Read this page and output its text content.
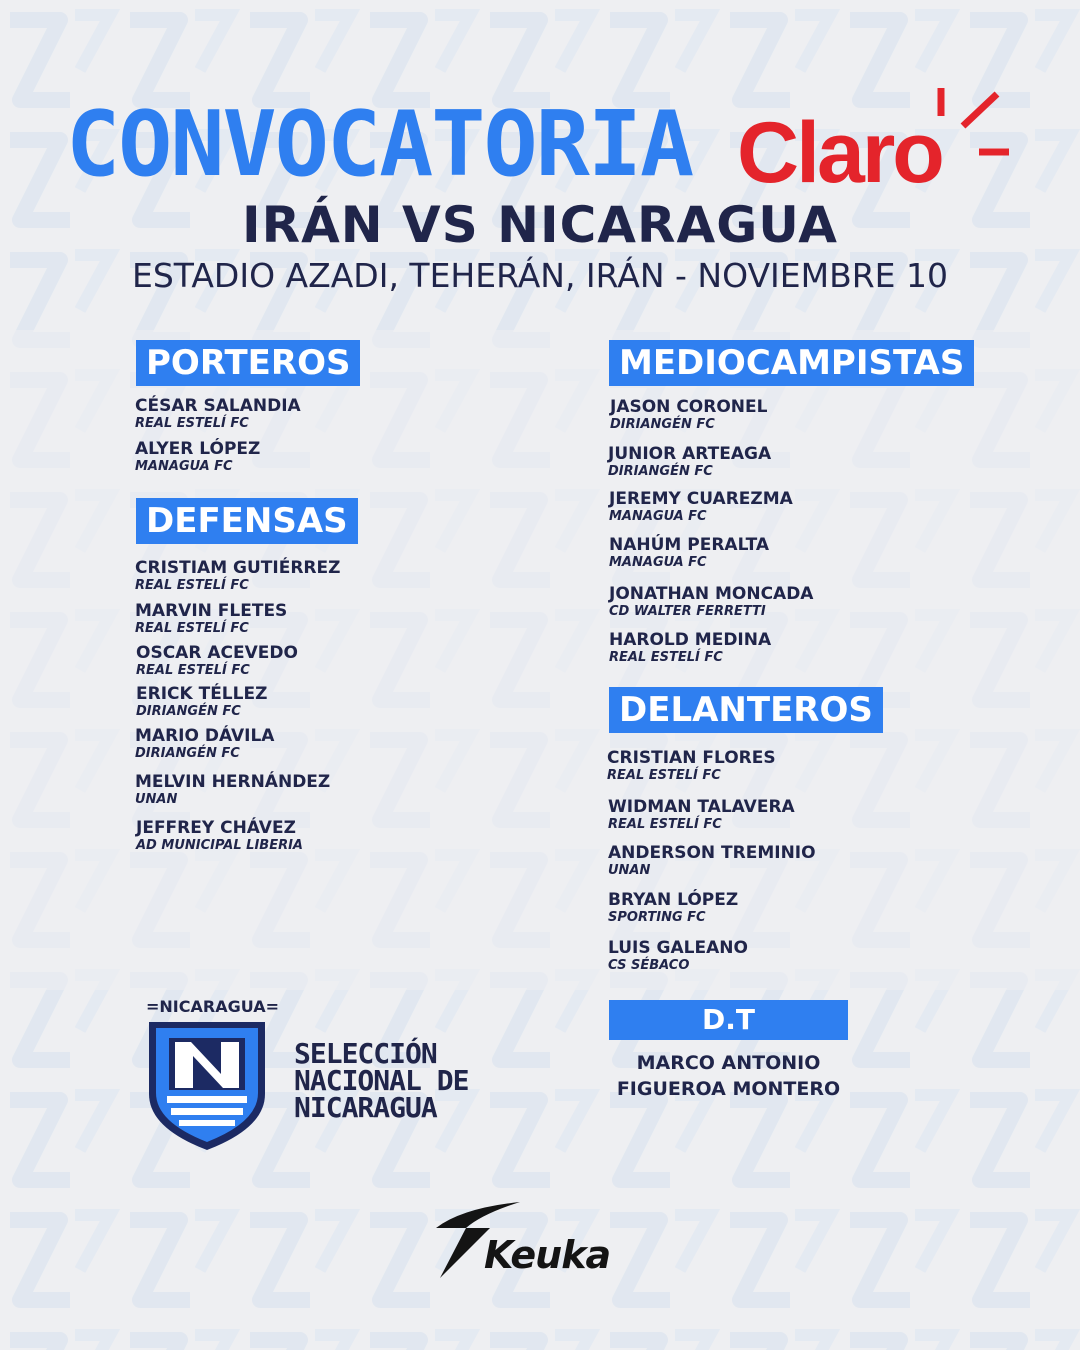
CONVOCATORIA Claro
IRÁN VS NICARAGUA
ESTADIO AZADI, TEHERÁN, IRÁN - NOVIEMBRE 10
PORTEROS
CÉSAR SALANDIA
REAL ESTELÍ FC
ALYER LÓPEZ
MANAGUA FC
DEFENSAS
CRISTIAM GUTIÉRREZ
REAL ESTELÍ FC
MARVIN FLETES
REAL ESTELÍ FC
OSCAR ACEVEDO
REAL ESTELÍ FC
ERICK TÉLLEZ
DIRIANGÉN FC
MARIO DÁVILA
DIRIANGÉN FC
MELVIN HERNÁNDEZ
UNAN
JEFFREY CHÁVEZ
AD MUNICIPAL LIBERIA
MEDIOCAMPISTAS
JASON CORONEL
DIRIANGÉN FC
JUNIOR ARTEAGA
DIRIANGÉN FC
JEREMY CUAREZMA
MANAGUA FC
NAHÚM PERALTA
MANAGUA FC
JONATHAN MONCADA
CD WALTER FERRETTI
HAROLD MEDINA
REAL ESTELÍ FC
DELANTEROS
CRISTIAN FLORES
REAL ESTELÍ FC
WIDMAN TALAVERA
REAL ESTELÍ FC
ANDERSON TREMINIO
UNAN
BRYAN LÓPEZ
SPORTING FC
LUIS GALEANO
CS SÉBACO
D.T
MARCO ANTONIO
FIGUEROA MONTERO
=NICARAGUA=
SELECCIÓN
NACIONAL DE
NICARAGUA
Keuka
